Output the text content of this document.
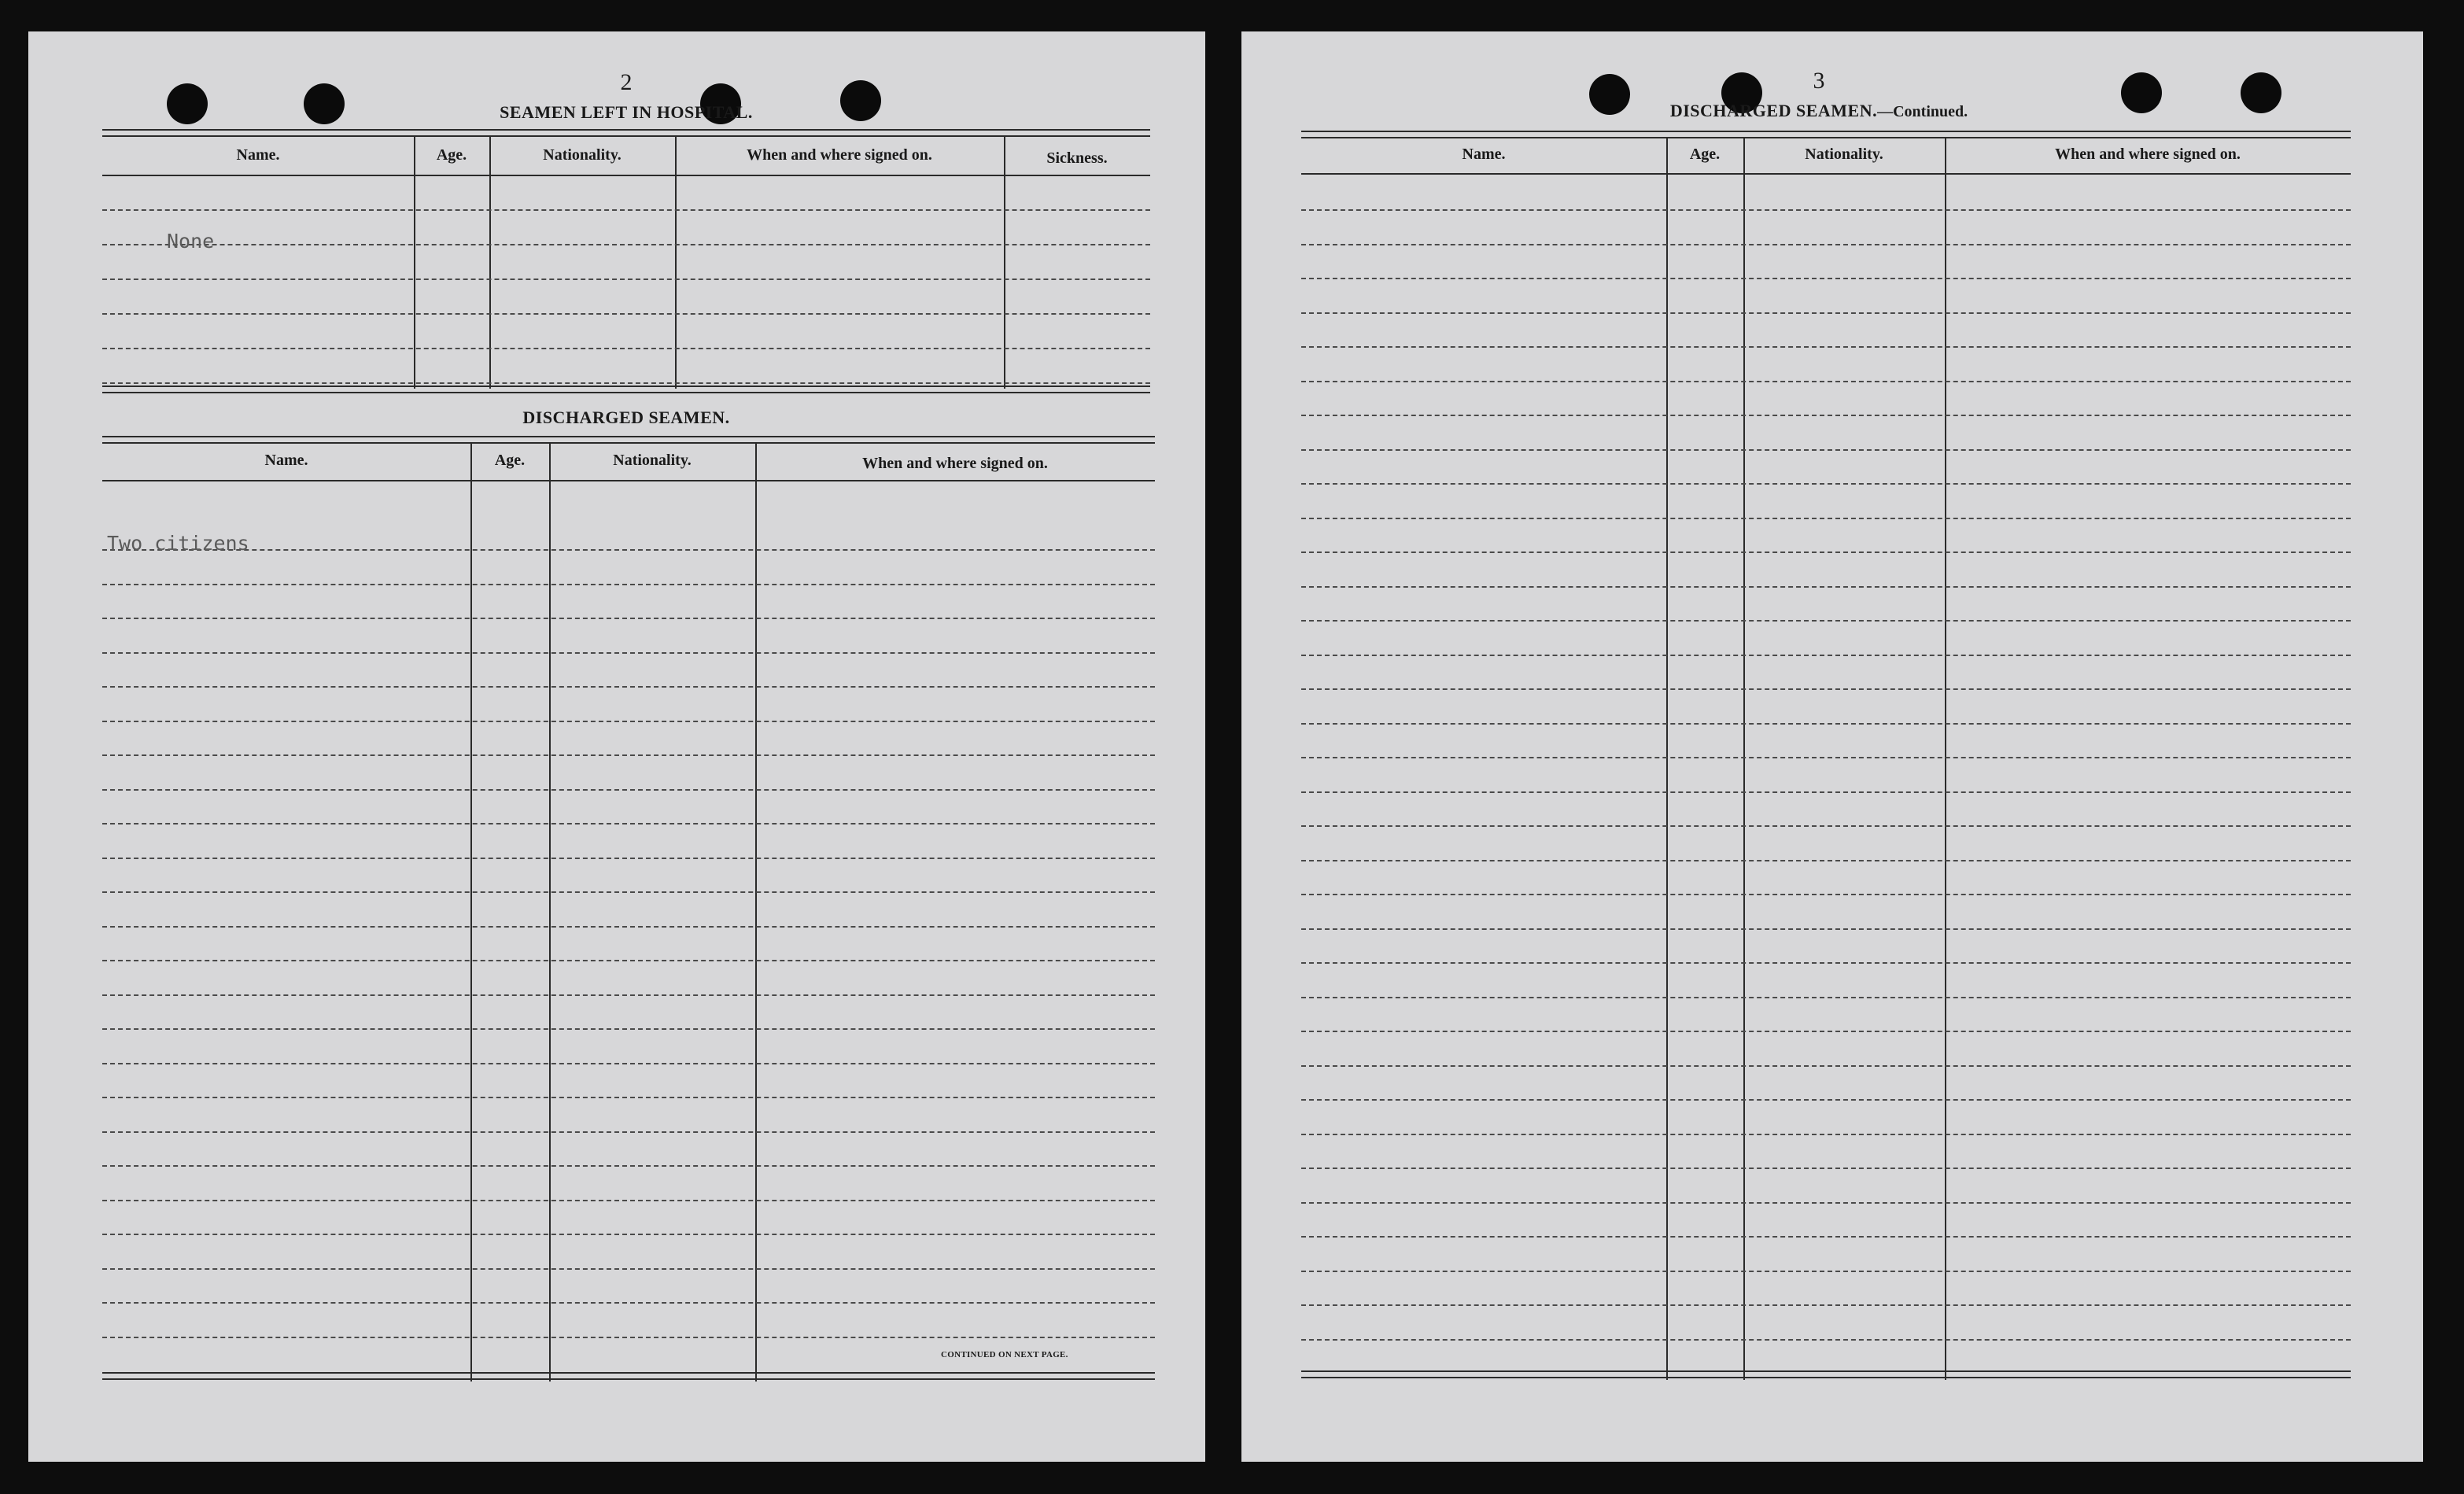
2
SEAMEN LEFT IN HOSPITAL.
Name.	Age.	Nationality.	When and where signed on.	Sickness.
None
DISCHARGED SEAMEN.
Name.	Age.	Nationality.	When and where signed on.
Two citizens
CONTINUED ON NEXT PAGE.
3
DISCHARGED SEAMEN.—Continued.
Name.	Age.	Nationality.	When and where signed on.
